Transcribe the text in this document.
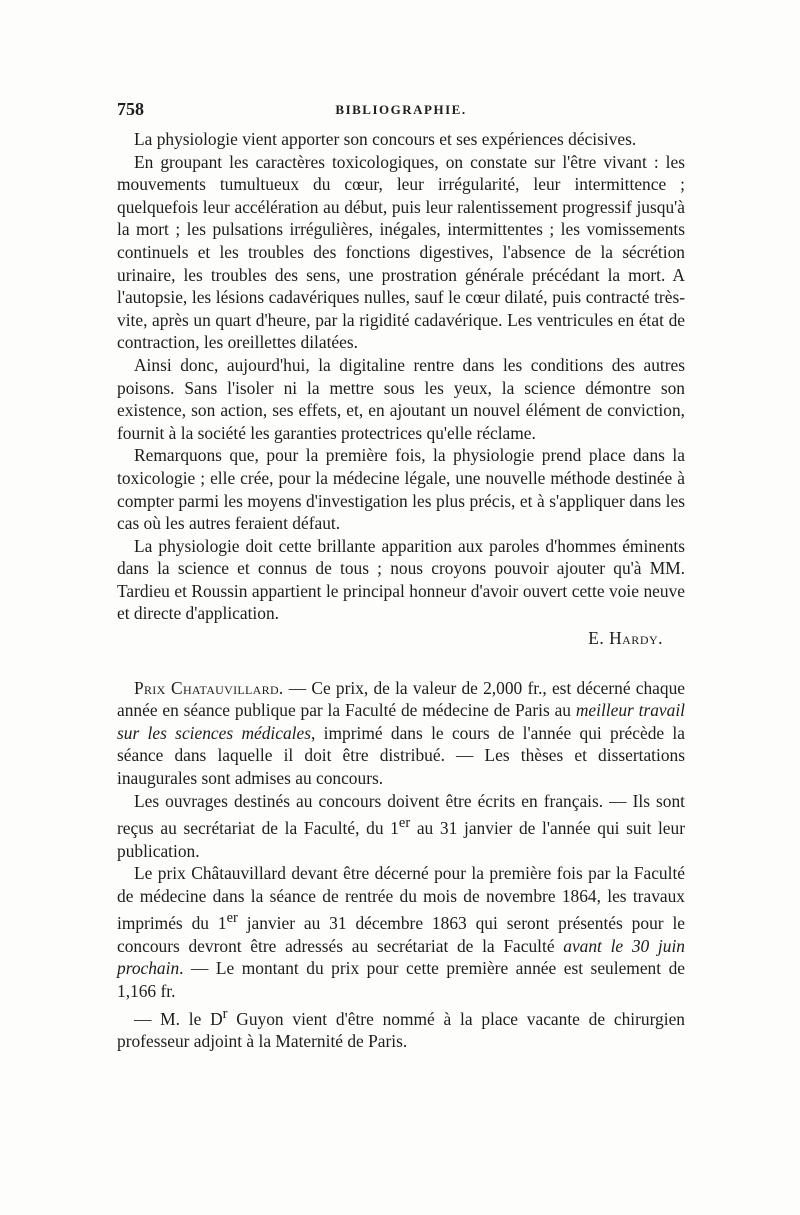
758	BIBLIOGRAPHIE.

La physiologie vient apporter son concours et ses expériences décisives.

En groupant les caractères toxicologiques, on constate sur l'être vivant : les mouvements tumultueux du cœur, leur irrégularité, leur intermittence ; quelquefois leur accélération au début, puis leur ralentissement progressif jusqu'à la mort ; les pulsations irrégulières, inégales, intermittentes ; les vomissements continuels et les troubles des fonctions digestives, l'absence de la sécrétion urinaire, les troubles des sens, une prostration générale précédant la mort. A l'autopsie, les lésions cadavériques nulles, sauf le cœur dilaté, puis contracté très-vite, après un quart d'heure, par la rigidité cadavérique. Les ventricules en état de contraction, les oreillettes dilatées.

Ainsi donc, aujourd'hui, la digitaline rentre dans les conditions des autres poisons. Sans l'isoler ni la mettre sous les yeux, la science démontre son existence, son action, ses effets, et, en ajoutant un nouvel élément de conviction, fournit à la société les garanties protectrices qu'elle réclame.

Remarquons que, pour la première fois, la physiologie prend place dans la toxicologie ; elle crée, pour la médecine légale, une nouvelle méthode destinée à compter parmi les moyens d'investigation les plus précis, et à s'appliquer dans les cas où les autres feraient défaut.

La physiologie doit cette brillante apparition aux paroles d'hommes éminents dans la science et connus de tous ; nous croyons pouvoir ajouter qu'à MM. Tardieu et Roussin appartient le principal honneur d'avoir ouvert cette voie neuve et directe d'application.

E. Hardy.

Prix Chatauvillard. — Ce prix, de la valeur de 2,000 fr., est décerné chaque année en séance publique par la Faculté de médecine de Paris au meilleur travail sur les sciences médicales, imprimé dans le cours de l'année qui précède la séance dans laquelle il doit être distribué. — Les thèses et dissertations inaugurales sont admises au concours.

Les ouvrages destinés au concours doivent être écrits en français. — Ils sont reçus au secrétariat de la Faculté, du 1er au 31 janvier de l'année qui suit leur publication.

Le prix Châtauvillard devant être décerné pour la première fois par la Faculté de médecine dans la séance de rentrée du mois de novembre 1864, les travaux imprimés du 1er janvier au 31 décembre 1863 qui seront présentés pour le concours devront être adressés au secrétariat de la Faculté avant le 30 juin prochain. — Le montant du prix pour cette première année est seulement de 1,166 fr.

— M. le $D^r$ Guyon vient d'être nommé à la place vacante de chirurgien professeur adjoint à la Maternité de Paris.
